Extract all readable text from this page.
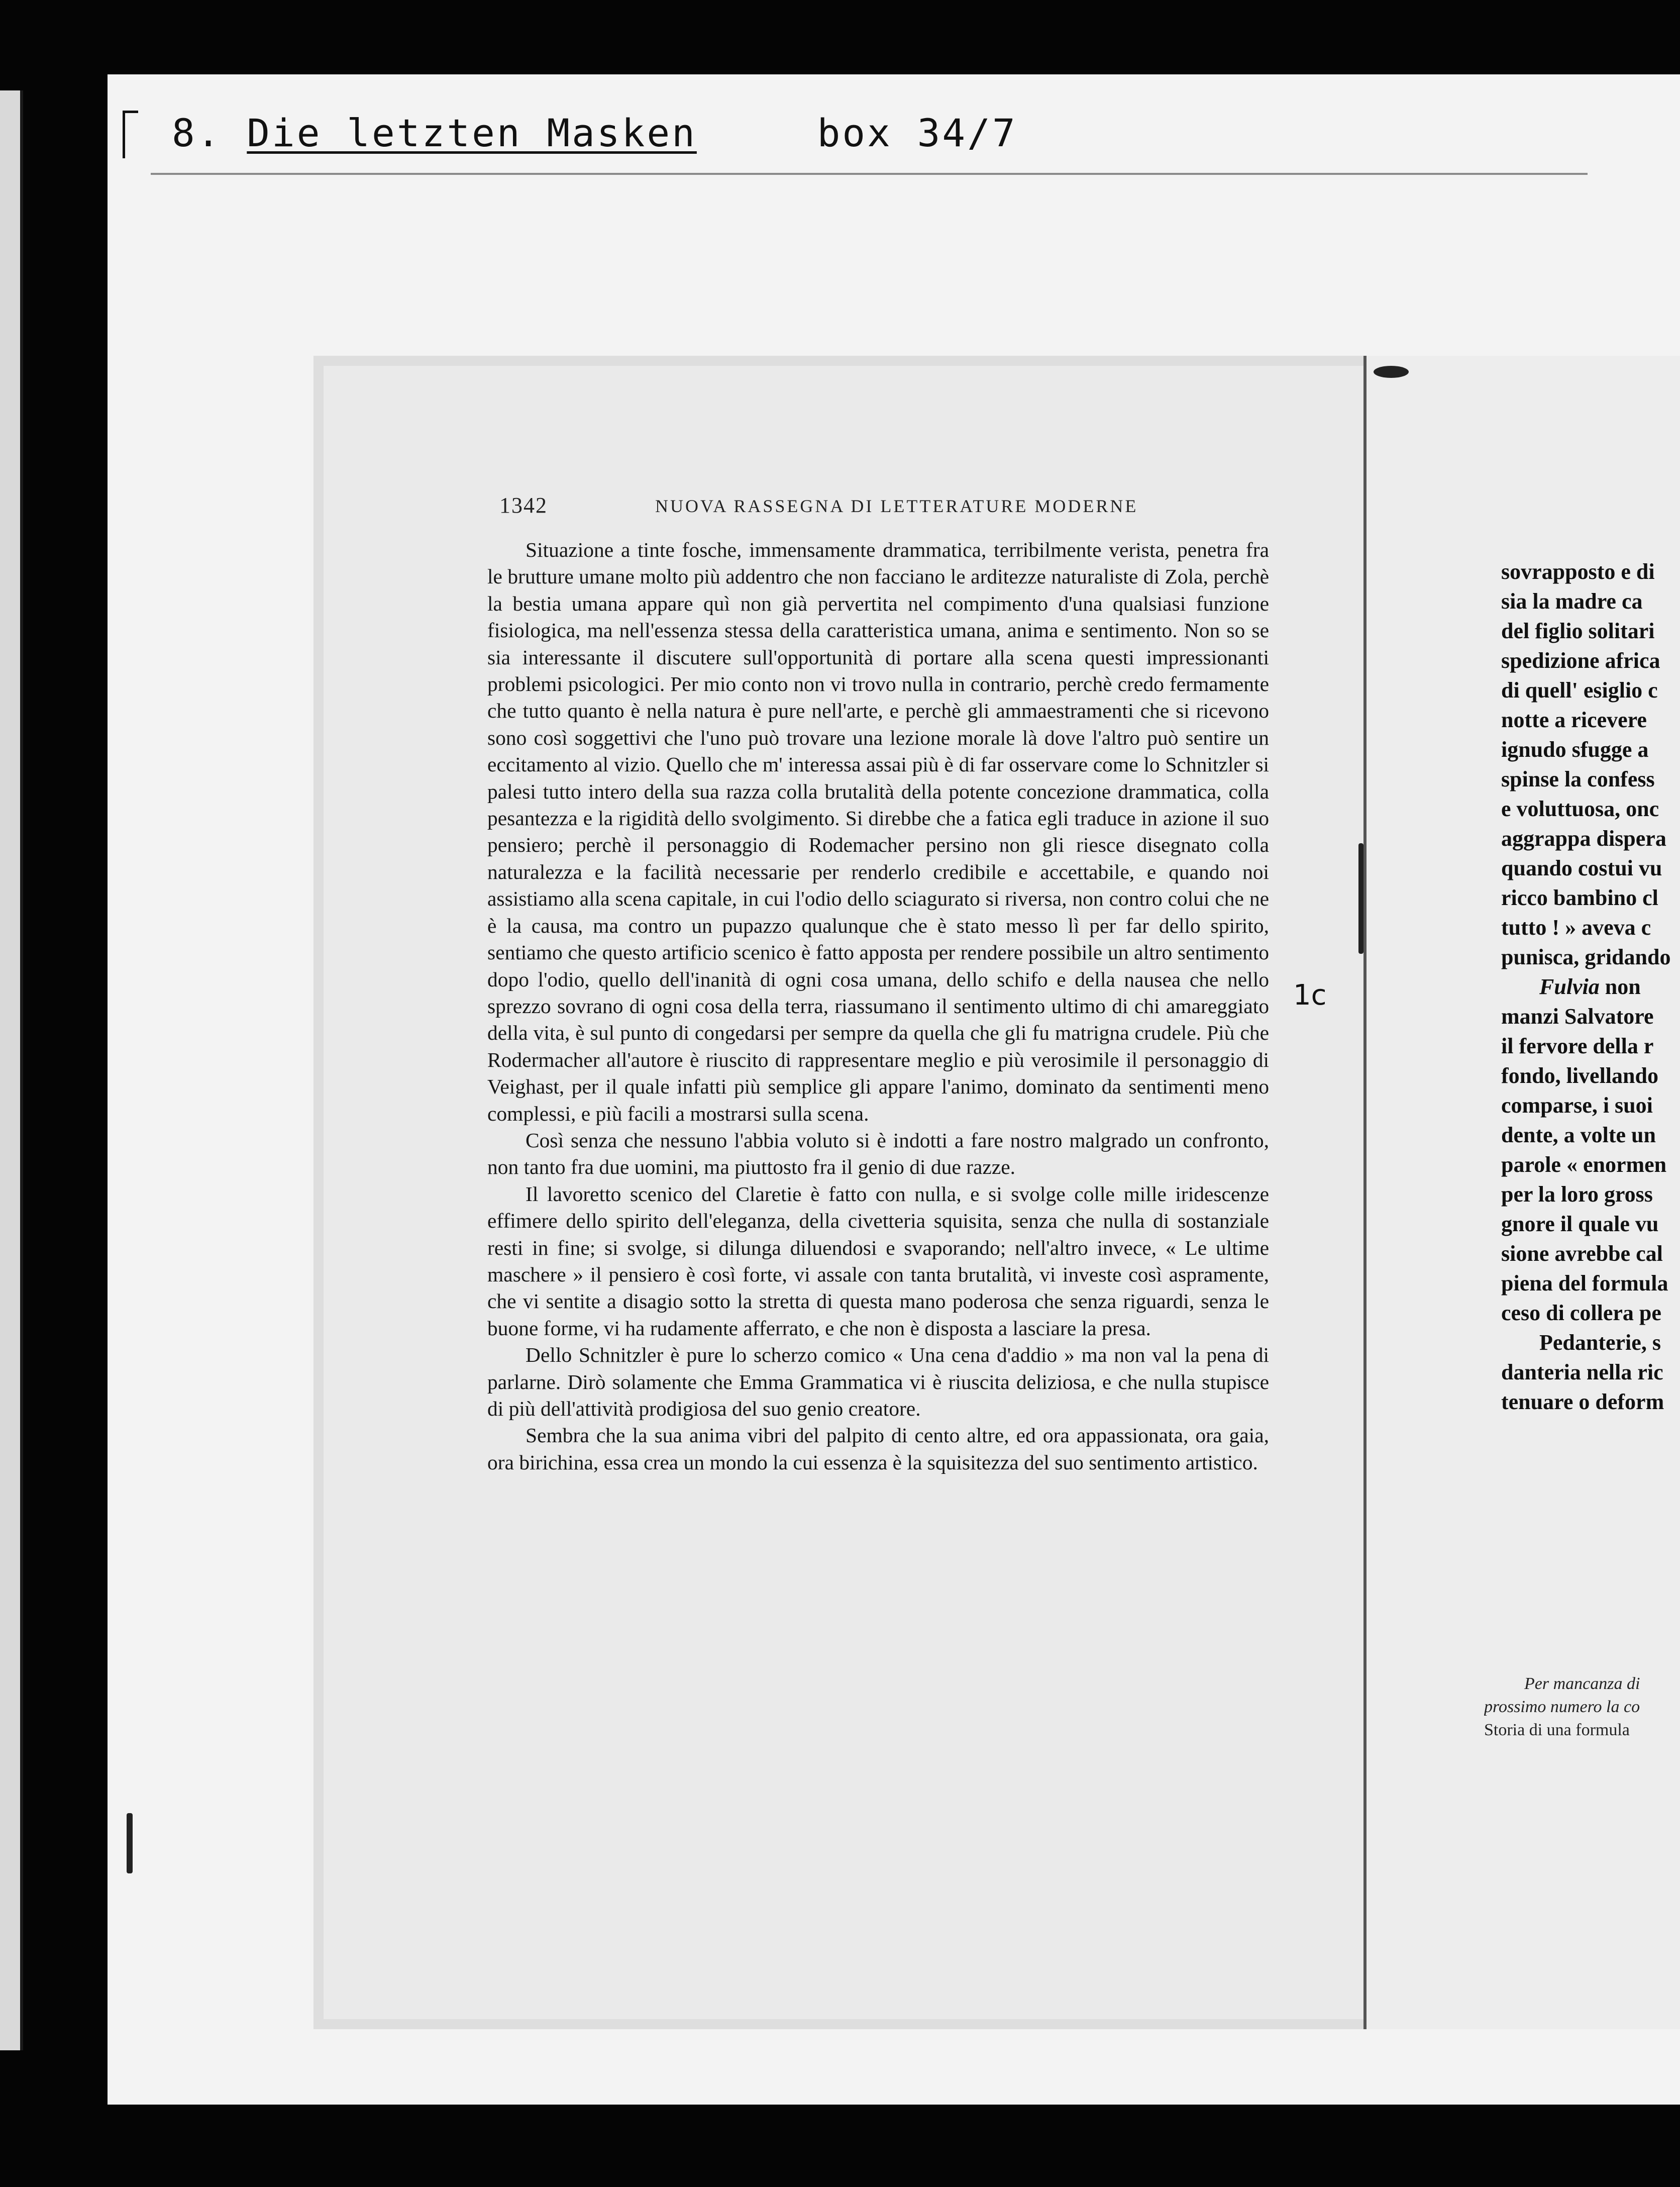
8. Die letzten Masken	box 34/7
1342	NUOVA RASSEGNA DI LETTERATURE MODERNE

Situazione a tinte fosche, immensamente drammatica, terribilmente verista, penetra fra le brutture umane molto più addentro che non facciano le arditezze naturaliste di Zola, perchè la bestia umana appare quì non già pervertita nel compimento d'una qualsiasi funzione fisiologica, ma nell'essenza stessa della caratteristica umana, anima e sentimento. Non so se sia interessante il discutere sull'opportunità di portare alla scena questi impressionanti problemi psicologici. Per mio conto non vi trovo nulla in contrario, perchè credo fermamente che tutto quanto è nella natura è pure nell'arte, e perchè gli ammaestramenti che si ricevono sono così soggettivi che l'uno può trovare una lezione morale là dove l'altro può sentire un eccitamento al vizio. Quello che m' interessa assai più è di far osservare come lo Schnitzler si palesi tutto intero della sua razza colla brutalità della potente concezione drammatica, colla pesantezza e la rigidità dello svolgimento. Si direbbe che a fatica egli traduce in azione il suo pensiero; perchè il personaggio di Rodemacher persino non gli riesce disegnato colla naturalezza e la facilità necessarie per renderlo credibile e accettabile, e quando noi assistiamo alla scena capitale, in cui l'odio dello sciagurato si riversa, non contro colui che ne è la causa, ma contro un pupazzo qualunque che è stato messo lì per far dello spirito, sentiamo che questo artificio scenico è fatto apposta per rendere possibile un altro sentimento dopo l'odio, quello dell'inanità di ogni cosa umana, dello schifo e della nausea che nello sprezzo sovrano di ogni cosa della terra, riassumano il sentimento ultimo di chi amareggiato della vita, è sul punto di congedarsi per sempre da quella che gli fu matrigna crudele. Più che Rodermacher all'autore è riuscito di rappresentare meglio e più verosimile il personaggio di Veighast, per il quale infatti più semplice gli appare l'animo, dominato da sentimenti meno complessi, e più facili a mostrarsi sulla scena.

Così senza che nessuno l'abbia voluto si è indotti a fare nostro malgrado un confronto, non tanto fra due uomini, ma piuttosto fra il genio di due razze.

Il lavoretto scenico del Claretie è fatto con nulla, e si svolge colle mille iridescenze effimere dello spirito dell'eleganza, della civetteria squisita, senza che nulla di sostanziale resti in fine; si svolge, si dilunga diluendosi e svaporando; nell'altro invece, « Le ultime maschere » il pensiero è così forte, vi assale con tanta brutalità, vi investe così aspramente, che vi sentite a disagio sotto la stretta di questa mano poderosa che senza riguardi, senza le buone forme, vi ha rudamente afferrato, e che non è disposta a lasciare la presa.

Dello Schnitzler è pure lo scherzo comico « Una cena d'addio » ma non val la pena di parlarne. Dirò solamente che Emma Grammatica vi è riuscita deliziosa, e che nulla stupisce di più dell'attività prodigiosa del suo genio creatore.

Sembra che la sua anima vibri del palpito di cento altre, ed ora appassionata, ora gaia, ora birichina, essa crea un mondo la cui essenza è la squisitezza del suo sentimento artistico.

1c
sovrapposto e di
sia la madre ca
del figlio solitari
spedizione africa
di quell' esiglio c
notte a ricevere
ignudo sfugge a
spinse la confess
e voluttuosa, onc
aggrappa dispera
quando costui vu
ricco bambino cl
tutto ! » aveva c
punisca, gridando
Fulvia non
manzi Salvatore
il fervore della r
fondo, livellando
comparse, i suoi
dente, a volte un
parole « enormen
per la loro gross
gnore il quale vu
sione avrebbe cal
piena del formula
ceso di collera pe
Pedanterie, s
danteria nella ric
tenuare o deform
Per mancanza di
prossimo numero la co
Storia di una formula
